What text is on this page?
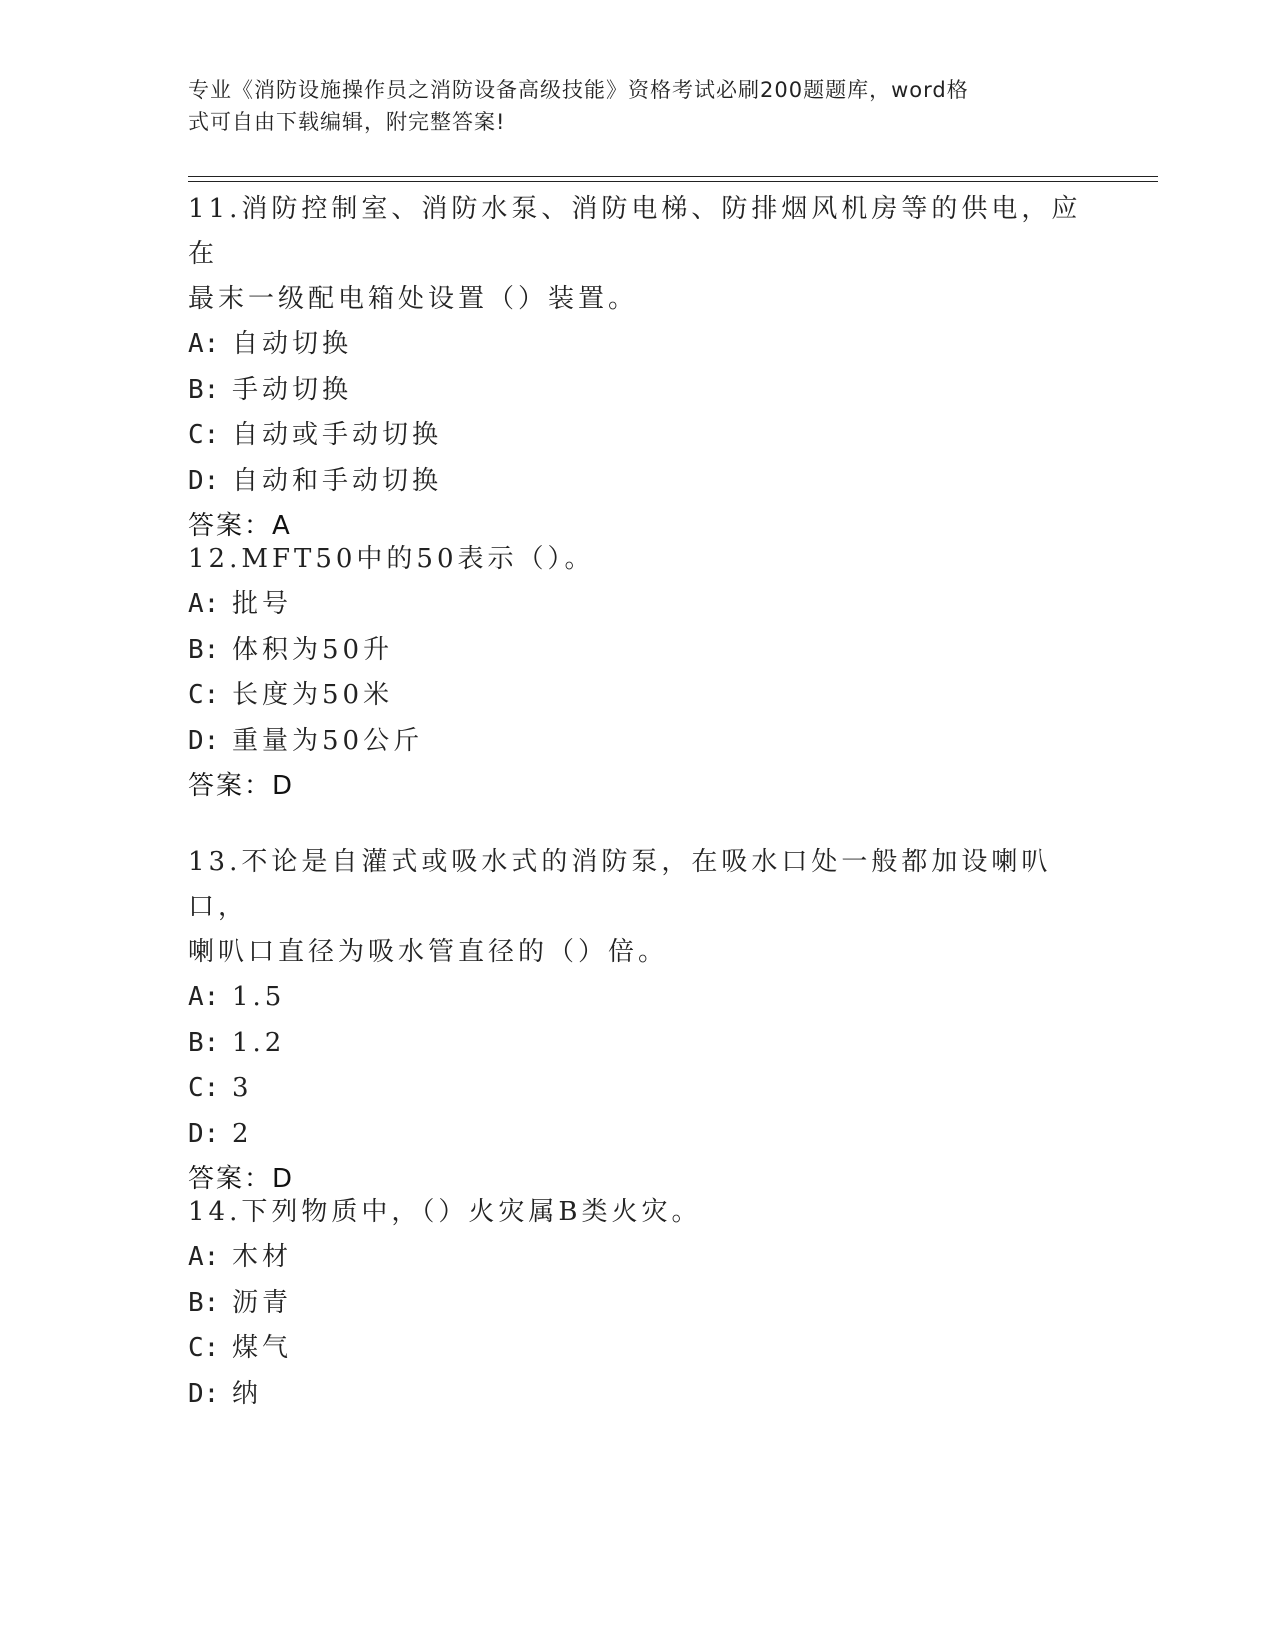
专业《消防设施操作员之消防设备高级技能》资格考试必刷200题题库，word格
式可自由下载编辑，附完整答案!

11.消防控制室、消防水泵、消防电梯、防排烟风机房等的供电，应在

最末一级配电箱处设置（）装置。

A: 自动切换

B: 手动切换

C: 自动或手动切换

D: 自动和手动切换

答案：A

12.MFT50中的50表示（）。

A: 批号

B: 体积为50升

C: 长度为50米

D: 重量为50公斤

答案：D

13.不论是自灌式或吸水式的消防泵，在吸水口处一般都加设喇叭口，

喇叭口直径为吸水管直径的（）倍。

A: 1.5

B: 1.2

C: 3

D: 2

答案：D

14.下列物质中，（）火灾属B类火灾。

A: 木材

B: 沥青

C: 煤气

D: 纳
